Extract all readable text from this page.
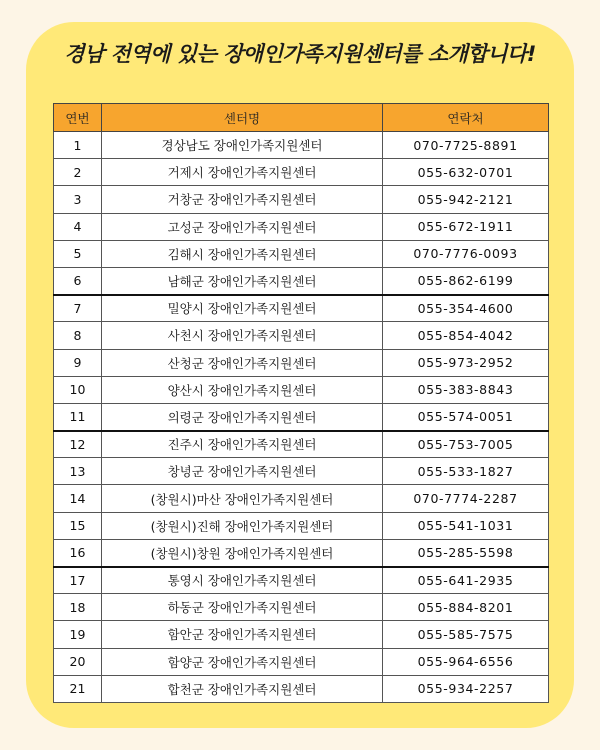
경남 전역에 있는 장애인가족지원센터를 소개합니다!
연번	센터명	연락처
1	경상남도 장애인가족지원센터	070-7725-8891
2	거제시 장애인가족지원센터	055-632-0701
3	거창군 장애인가족지원센터	055-942-2121
4	고성군 장애인가족지원센터	055-672-1911
5	김해시 장애인가족지원센터	070-7776-0093
6	남해군 장애인가족지원센터	055-862-6199
7	밀양시 장애인가족지원센터	055-354-4600
8	사천시 장애인가족지원센터	055-854-4042
9	산청군 장애인가족지원센터	055-973-2952
10	양산시 장애인가족지원센터	055-383-8843
11	의령군 장애인가족지원센터	055-574-0051
12	진주시 장애인가족지원센터	055-753-7005
13	창녕군 장애인가족지원센터	055-533-1827
14	(창원시)마산 장애인가족지원센터	070-7774-2287
15	(창원시)진해 장애인가족지원센터	055-541-1031
16	(창원시)창원 장애인가족지원센터	055-285-5598
17	통영시 장애인가족지원센터	055-641-2935
18	하동군 장애인가족지원센터	055-884-8201
19	함안군 장애인가족지원센터	055-585-7575
20	함양군 장애인가족지원센터	055-964-6556
21	합천군 장애인가족지원센터	055-934-2257
